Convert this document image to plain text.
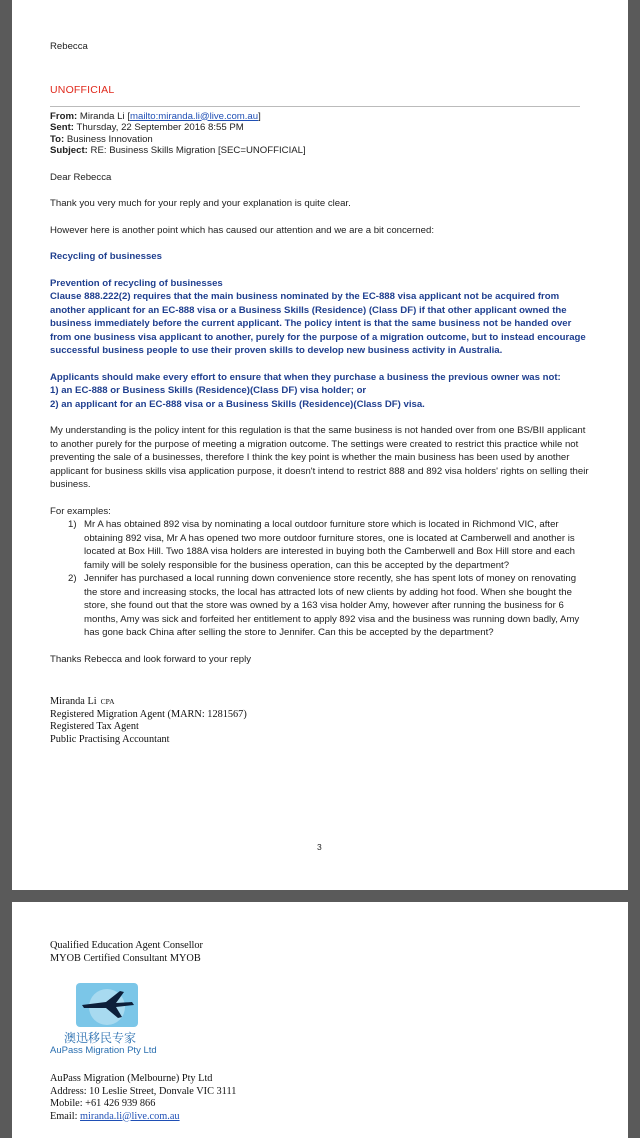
Rebecca

UNOFFICIAL

From: Miranda Li [mailto:miranda.li@live.com.au]
Sent: Thursday, 22 September 2016 8:55 PM
To: Business Innovation
Subject: RE: Business Skills Migration [SEC=UNOFFICIAL]

Dear Rebecca

Thank you very much for your reply and your explanation is quite clear.

However here is another point which has caused our attention and we are a bit concerned:

Recycling of businesses

Prevention of recycling of businesses

Clause 888.222(2) requires that the main business nominated by the EC-888 visa applicant not be acquired from another applicant for an EC-888 visa or a Business Skills (Residence) (Class DF) if that other applicant owned the business immediately before the current applicant. The policy intent is that the same business not be handed over from one business visa applicant to another, purely for the purpose of a migration outcome, but to instead encourage successful business people to use their proven skills to develop new business activity in Australia.

Applicants should make every effort to ensure that when they purchase a business the previous owner was not:

1) an EC-888 or Business Skills (Residence)(Class DF) visa holder; or

2) an applicant for an EC-888 visa or a Business Skills (Residence)(Class DF) visa.

My understanding is the policy intent for this regulation is that the same business is not handed over from one BS/BII applicant to another purely for the purpose of meeting a migration outcome. The settings were created to restrict this practice while not preventing the sale of a businesses, therefore I think the key point is whether the main business has been used by another applicant for business skills visa application purpose, it doesn't intend to restrict 888 and 892 visa holders' rights on selling their business.

For examples:

1) Mr A has obtained 892 visa by nominating a local outdoor furniture store which is located in Richmond VIC, after obtaining 892 visa, Mr A has opened two more outdoor furniture stores, one is located at Camberwell and another is located at Box Hill. Two 188A visa holders are interested in buying both the Camberwell and Box Hill store and each family will be solely responsible for the business operation, can this be accepted by the department?
2) Jennifer has purchased a local running down convenience store recently, she has spent lots of money on renovating the store and increasing stocks, the local has attracted lots of new clients by adding hot food. When she bought the store, she found out that the store was owned by a 163 visa holder Amy, however after running the business for 6 months, Amy was sick and forfeited her entitlement to apply 892 visa and the business was running down badly, Amy has gone back China after selling the store to Jennifer. Can this be accepted by the department?

Thanks Rebecca and look forward to your reply

Miranda Li CPA
Registered Migration Agent (MARN: 1281567)
Registered Tax Agent
Public Practising Accountant
3
Qualified Education Agent Consellor
MYOB Certified Consultant MYOB
澳迅移民专家
AuPass Migration Pty Ltd
AuPass Migration (Melbourne) Pty Ltd
Address: 10 Leslie Street, Donvale VIC 3111
Mobile: +61 426 939 866
Email: miranda.li@live.com.au
